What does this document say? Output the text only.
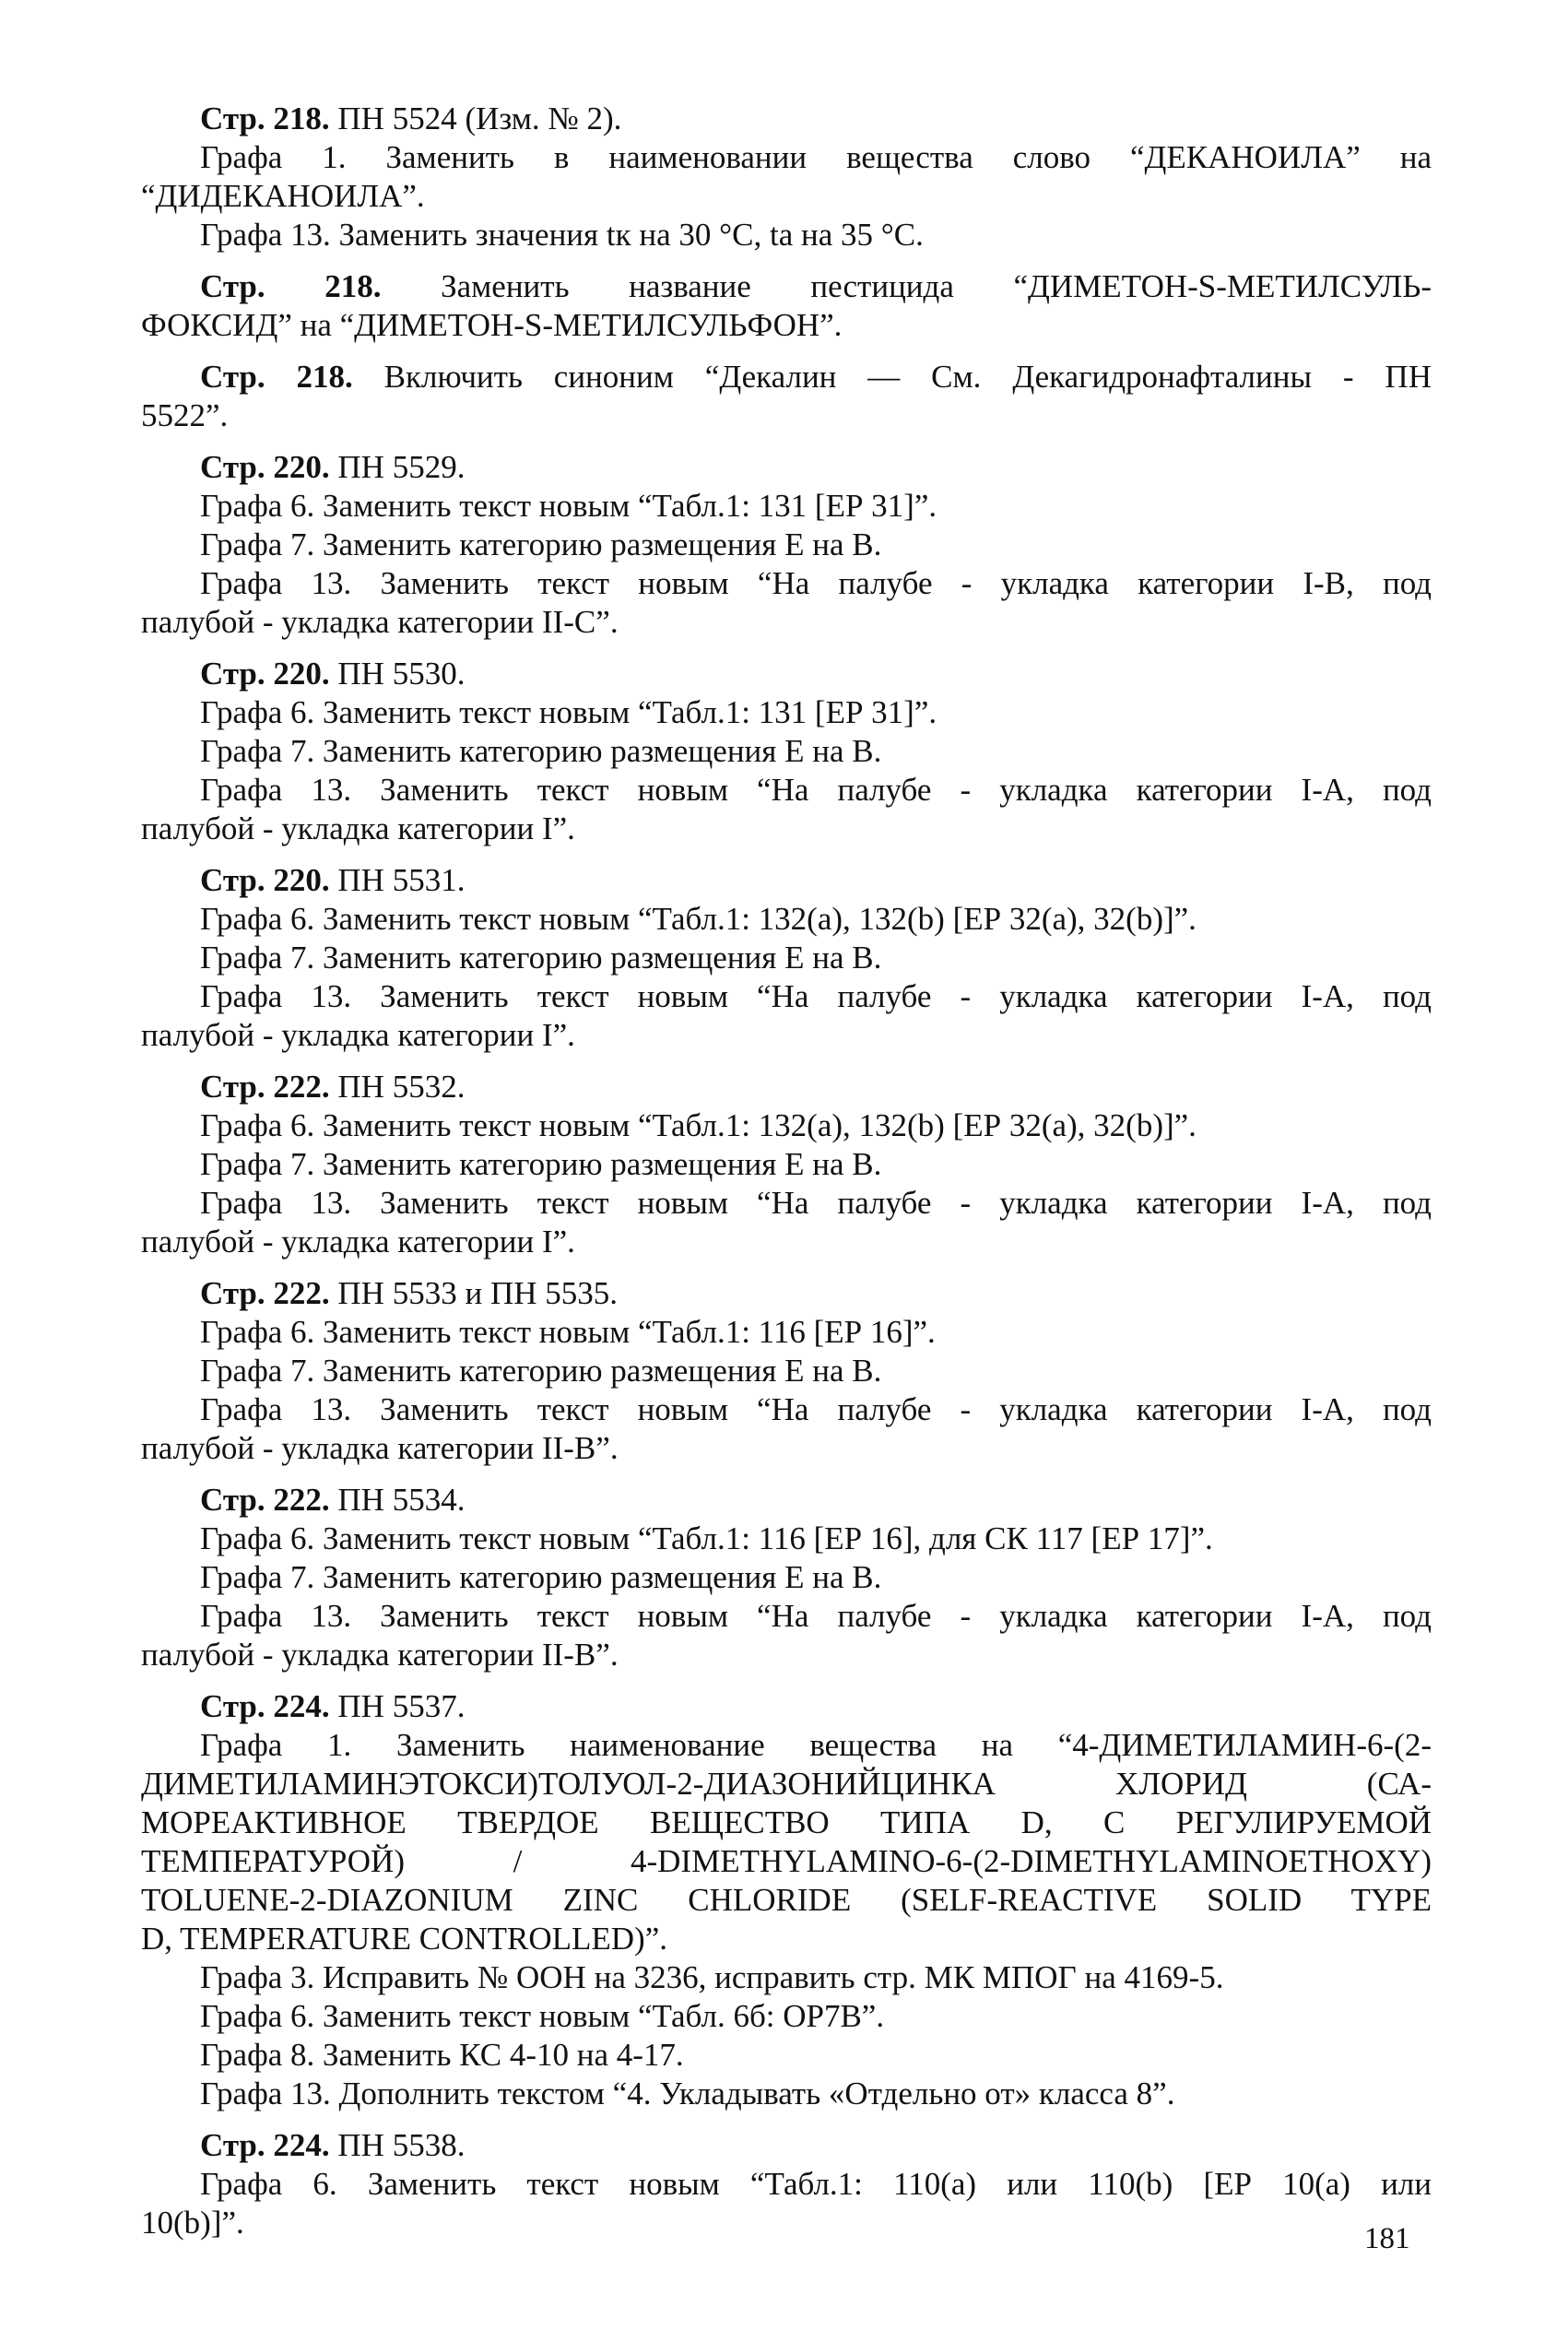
Стр. 218. ПН 5524 (Изм. № 2).
Графа 1. Заменить в наименовании вещества слово “ДЕКАНОИЛА” на
“ДИДЕКАНОИЛА”.
Графа 13. Заменить значения tк на 30 °С, tа на 35 °С.
Стр. 218. Заменить название пестицида “ДИМЕТОН-S-МЕТИЛСУЛЬ-
ФОКСИД” на “ДИМЕТОН-S-МЕТИЛСУЛЬФОН”.
Стр. 218. Включить синоним “Декалин — См. Декагидронафталины - ПН
5522”.
Стр. 220. ПН 5529.
Графа 6. Заменить текст новым “Табл.1: 131 [ЕР 31]”.
Графа 7. Заменить категорию размещения Е на В.
Графа 13. Заменить текст новым “На палубе - укладка категории I-В, под
палубой - укладка категории II-С”.
Стр. 220. ПН 5530.
Графа 6. Заменить текст новым “Табл.1: 131 [ЕР 31]”.
Графа 7. Заменить категорию размещения Е на В.
Графа 13. Заменить текст новым “На палубе - укладка категории I-А, под
палубой - укладка категории I”.
Стр. 220. ПН 5531.
Графа 6. Заменить текст новым “Табл.1: 132(a), 132(b) [ЕР 32(a), 32(b)]”.
Графа 7. Заменить категорию размещения Е на В.
Графа 13. Заменить текст новым “На палубе - укладка категории I-А, под
палубой - укладка категории I”.
Стр. 222. ПН 5532.
Графа 6. Заменить текст новым “Табл.1: 132(a), 132(b) [ЕР 32(a), 32(b)]”.
Графа 7. Заменить категорию размещения Е на В.
Графа 13. Заменить текст новым “На палубе - укладка категории I-А, под
палубой - укладка категории I”.
Стр. 222. ПН 5533 и ПН 5535.
Графа 6. Заменить текст новым “Табл.1: 116 [ЕР 16]”.
Графа 7. Заменить категорию размещения Е на В.
Графа 13. Заменить текст новым “На палубе - укладка категории I-А, под
палубой - укладка категории II-В”.
Стр. 222. ПН 5534.
Графа 6. Заменить текст новым “Табл.1: 116 [ЕР 16], для СК 117 [ЕР 17]”.
Графа 7. Заменить категорию размещения Е на В.
Графа 13. Заменить текст новым “На палубе - укладка категории I-А, под
палубой - укладка категории II-В”.
Стр. 224. ПН 5537.
Графа 1. Заменить наименование вещества на “4-ДИМЕТИЛАМИН-6-(2-
ДИМЕТИЛАМИНЭТОКСИ)ТОЛУОЛ-2-ДИАЗОНИЙЦИНКА ХЛОРИД (СА-
МОРЕАКТИВНОЕ ТВЕРДОЕ ВЕЩЕСТВО ТИПА D, С РЕГУЛИРУЕМОЙ
ТЕМПЕРАТУРОЙ) / 4-DIMETHYLAMINO-6-(2-DIMETHYLAMINOETHOXY)
TOLUENE-2-DIAZONIUM ZINC CHLORIDE (SELF-REACTIVE SOLID TYPE
D, TEMPERATURE CONTROLLED)”.
Графа 3. Исправить № ООН на 3236, исправить стр. МК МПОГ на 4169-5.
Графа 6. Заменить текст новым “Табл. 6б: ОР7В”.
Графа 8. Заменить КС 4-10 на 4-17.
Графа 13. Дополнить текстом “4. Укладывать «Отдельно от» класса 8”.
Стр. 224. ПН 5538.
Графа 6. Заменить текст новым “Табл.1: 110(a) или 110(b) [ЕР 10(a) или
10(b)]”.	181
